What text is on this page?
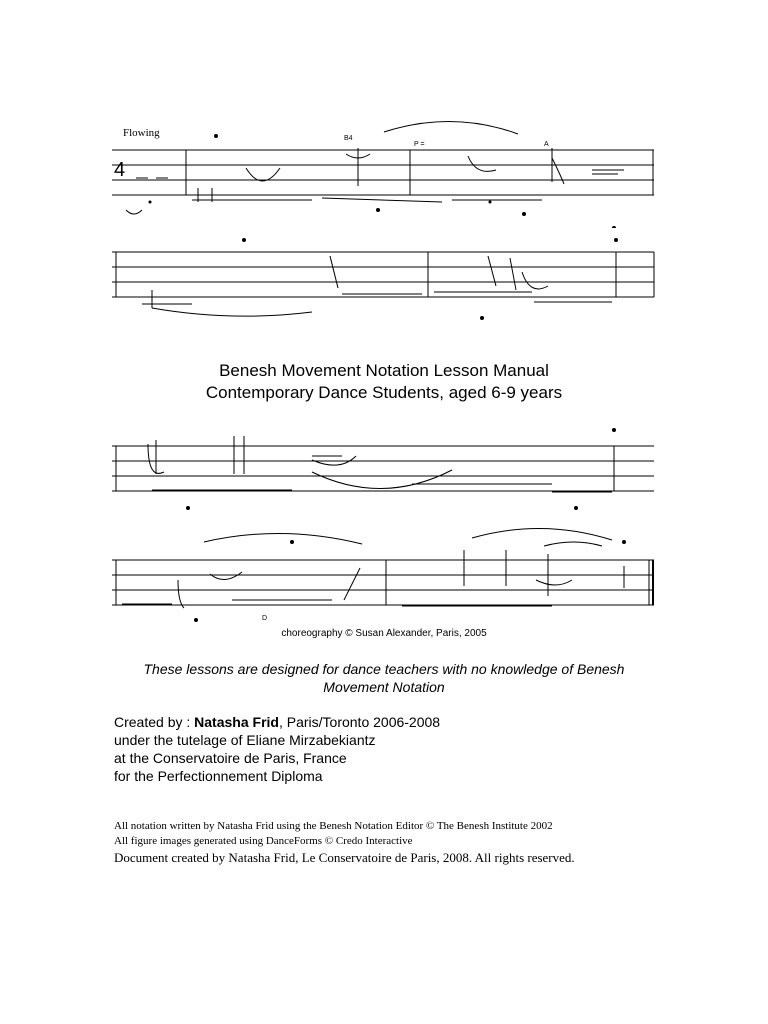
Flowing
4
B4
P =	A
Benesh Movement Notation Lesson Manual
Contemporary Dance Students, aged 6-9 years
D
choreography © Susan Alexander, Paris, 2005
These lessons are designed for dance teachers with no knowledge of Benesh Movement Notation
Created by : Natasha Frid, Paris/Toronto 2006-2008
under the tutelage of Eliane Mirzabekiantz
at the Conservatoire de Paris, France
for the Perfectionnement Diploma
All notation written by Natasha Frid using the Benesh Notation Editor © The Benesh Institute 2002
All figure images generated using DanceForms © Credo Interactive
Document created by Natasha Frid, Le Conservatoire de Paris, 2008. All rights reserved.
